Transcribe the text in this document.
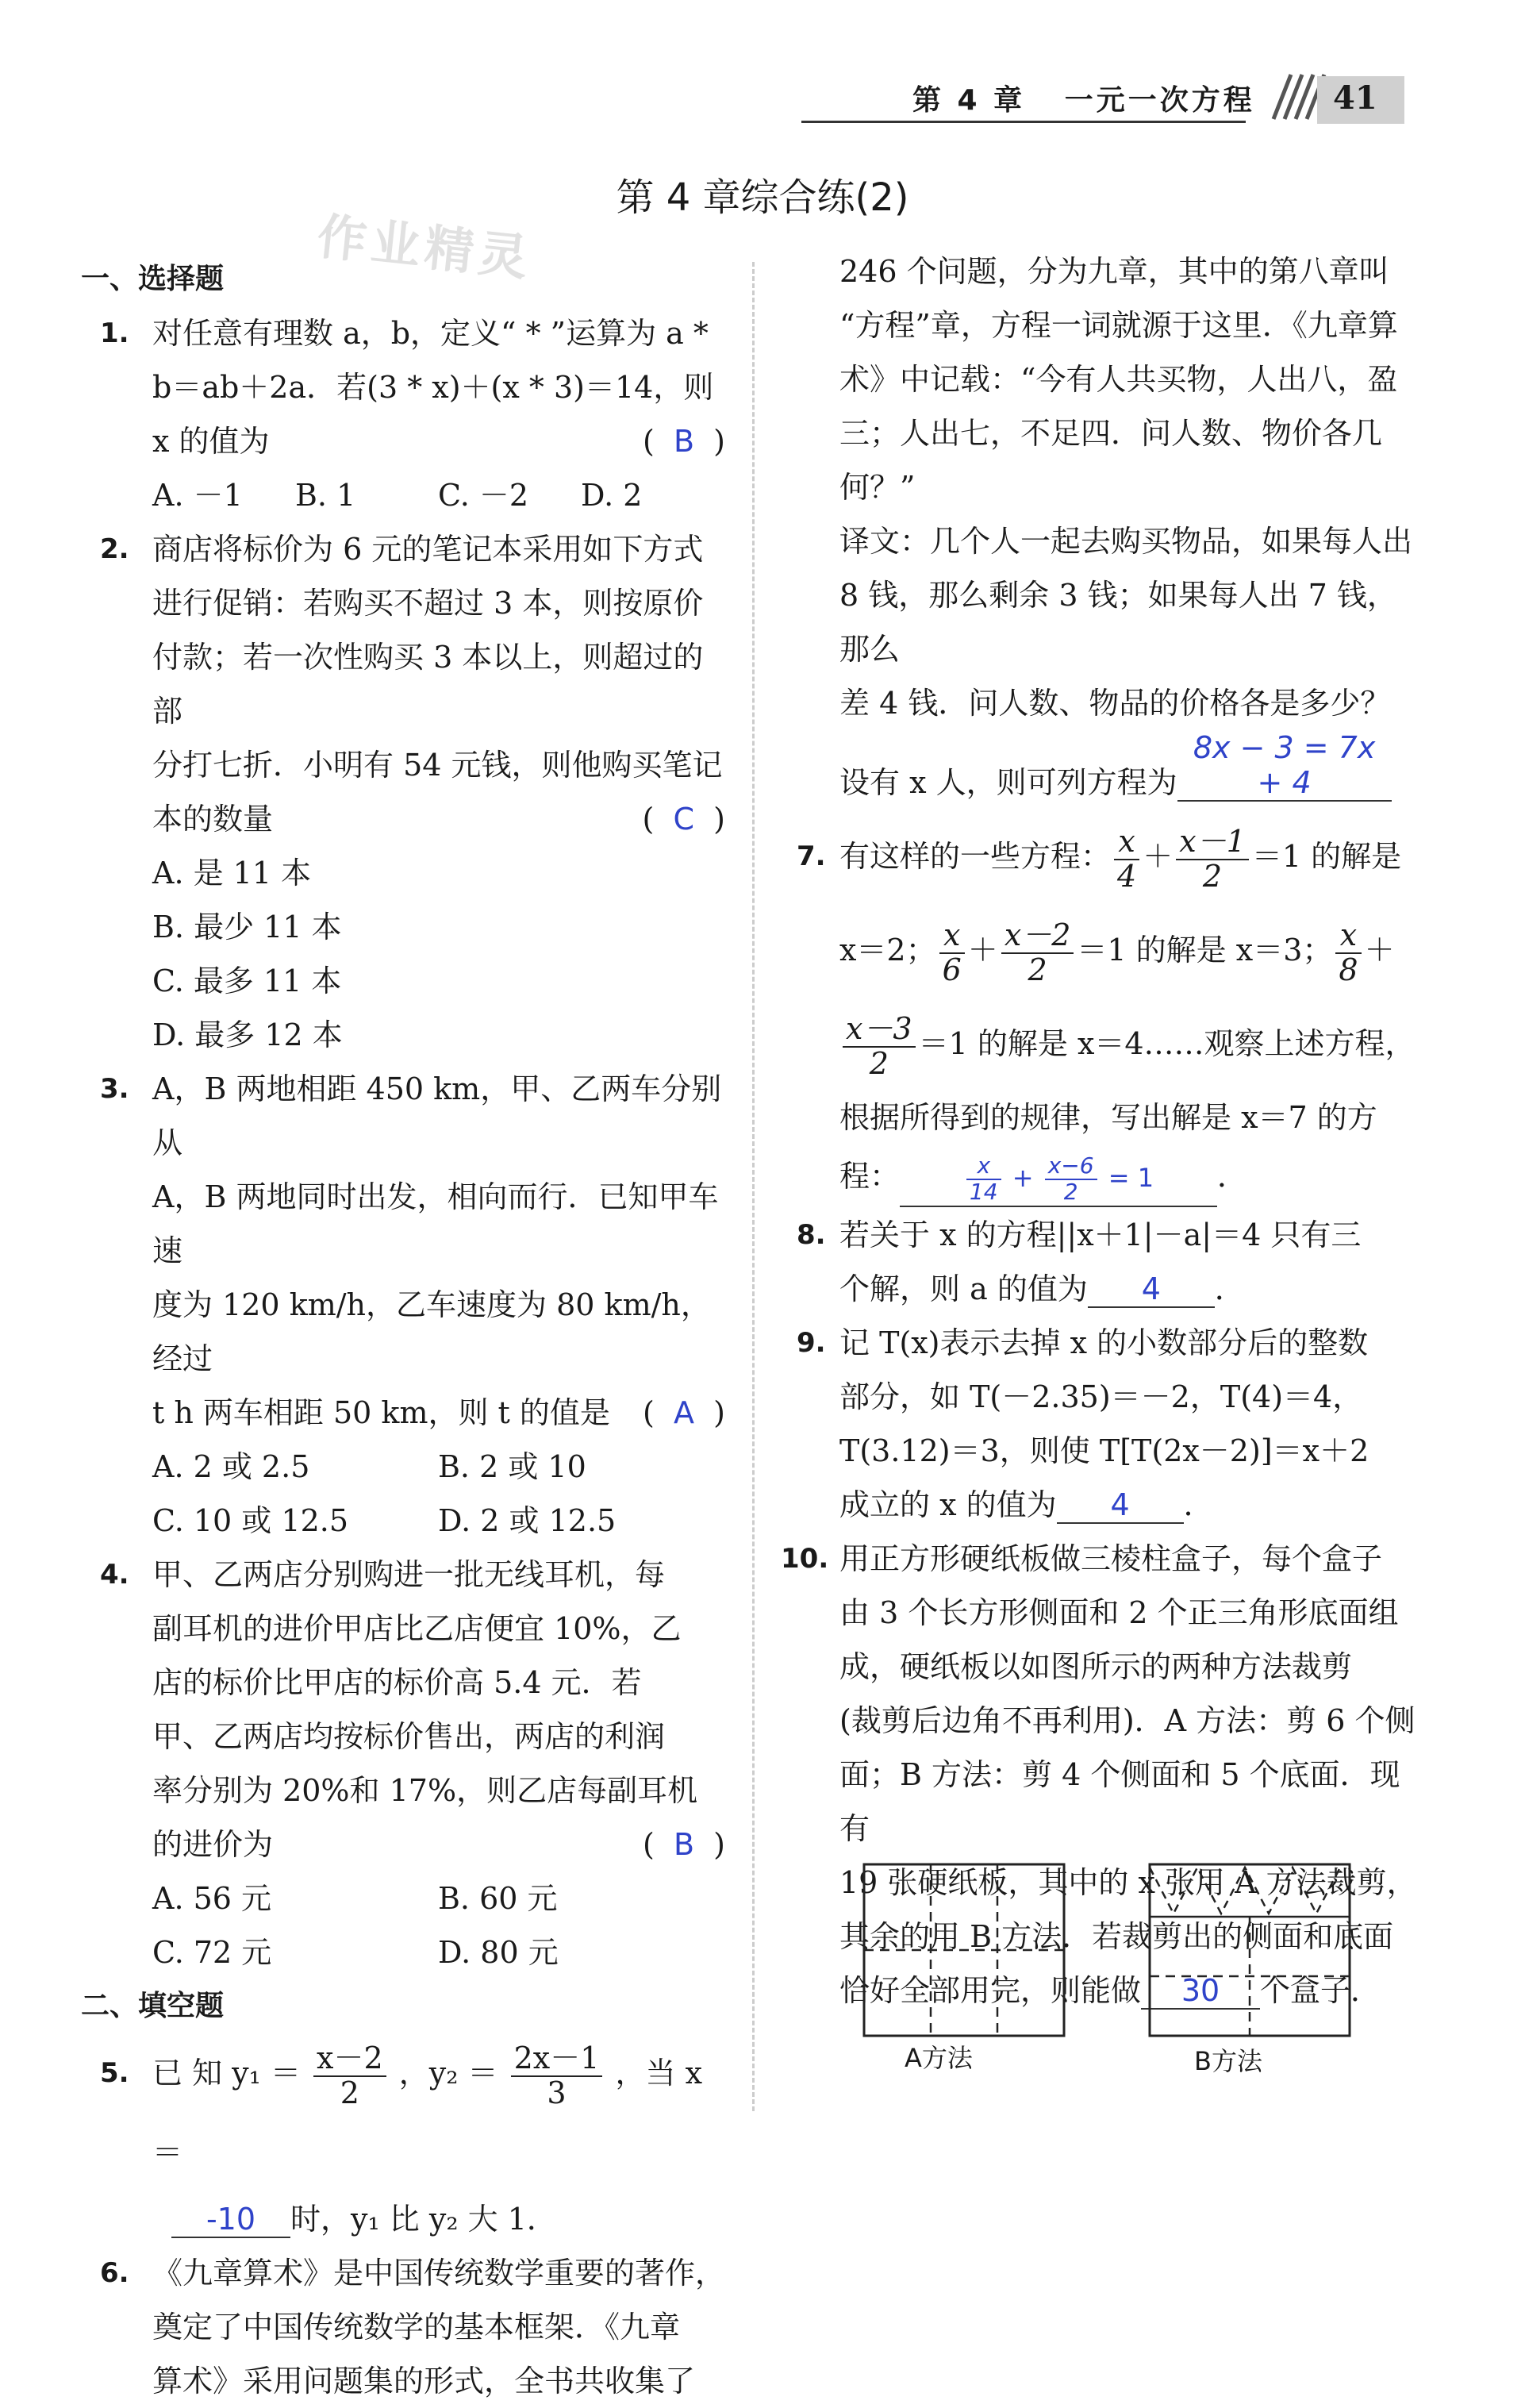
第 4 章 一元一次方程 41
第 4 章综合练(2)
作业精灵
一、选择题
1. 对任意有理数 a，b，定义“ * ”运算为 a *
b＝ab＋2a．若(3 * x)＋(x * 3)＝14，则
x 的值为	(  B  )
A. －1	B. 1	C. －2	D. 2
2. 商店将标价为 6 元的笔记本采用如下方式
进行促销：若购买不超过 3 本，则按原价
付款；若一次性购买 3 本以上，则超过的部
分打七折．小明有 54 元钱，则他购买笔记
本的数量	(  C  )
A. 是 11 本
B. 最少 11 本
C. 最多 11 本
D. 最多 12 本
3. A，B 两地相距 450 km，甲、乙两车分别从
A，B 两地同时出发，相向而行．已知甲车速
度为 120 km/h，乙车速度为 80 km/h，经过
t h 两车相距 50 km，则 t 的值是 (  A  )
A. 2 或 2.5	B. 2 或 10
C. 10 或 12.5	D. 2 或 12.5
4. 甲、乙两店分别购进一批无线耳机，每
副耳机的进价甲店比乙店便宜 10%，乙
店的标价比甲店的标价高 5.4 元．若
甲、乙两店均按标价售出，两店的利润
率分别为 20%和 17%，则乙店每副耳机
的进价为	(  B  )
A. 56 元	B. 60 元
C. 72 元	D. 80 元
二、填空题
5. 已 知 $y_1 = \frac{x-2}{2}$ ，$y_2 = \frac{2x-1}{3}$ ，当 x ＝
-10 时，y₁ 比 y₂ 大 1．
6. 《九章算术》是中国传统数学重要的著作，
奠定了中国传统数学的基本框架．《九章
算术》采用问题集的形式，全书共收集了
246 个问题，分为九章，其中的第八章叫
“方程”章，方程一词就源于这里．《九章算
术》中记载：“今有人共买物，人出八，盈
三；人出七，不足四．问人数、物价各几何？”
译文：几个人一起去购买物品，如果每人出
8 钱，那么剩余 3 钱；如果每人出 7 钱，那么
差 4 钱．问人数、物品的价格各是多少？
设有 x 人，则可列方程为8x − 3 = 7x + 4
7. 有这样的一些方程： $\frac{x}{4} + \frac{x-1}{2} =1$ 的解是
x＝2； $\frac{x}{6} + \frac{x-2}{2} =1$ 的解是 x＝3； $\frac{x}{8}$ ＋
$\frac{x-3}{2} =1$ 的解是 x＝4……观察上述方程，
根据所得到的规律，写出解是 x＝7 的方
程：	$\frac{x}{14} + \frac{x-6}{2} = 1$ ．
8. 若关于 x 的方程||x＋1|－a|＝4 只有三
个解，则 a 的值为 4 ．
9. 记 T(x)表示去掉 x 的小数部分后的整数
部分，如 T(－2.35)＝－2，T(4)＝4，
T(3.12)＝3，则使 T[T(2x－2)]＝x＋2
成立的 x 的值为 4 ．
10. 用正方形硬纸板做三棱柱盒子，每个盒子
由 3 个长方形侧面和 2 个正三角形底面组
成，硬纸板以如图所示的两种方法裁剪
(裁剪后边角不再利用)．A 方法：剪 6 个侧
面；B 方法：剪 4 个侧面和 5 个底面．现有
19 张硬纸板，其中的 x 张用 A 方法裁剪，
其余的用 B 方法．若裁剪出的侧面和底面
恰好全部用完，则能做 30 个盒子．
A方法	B方法
